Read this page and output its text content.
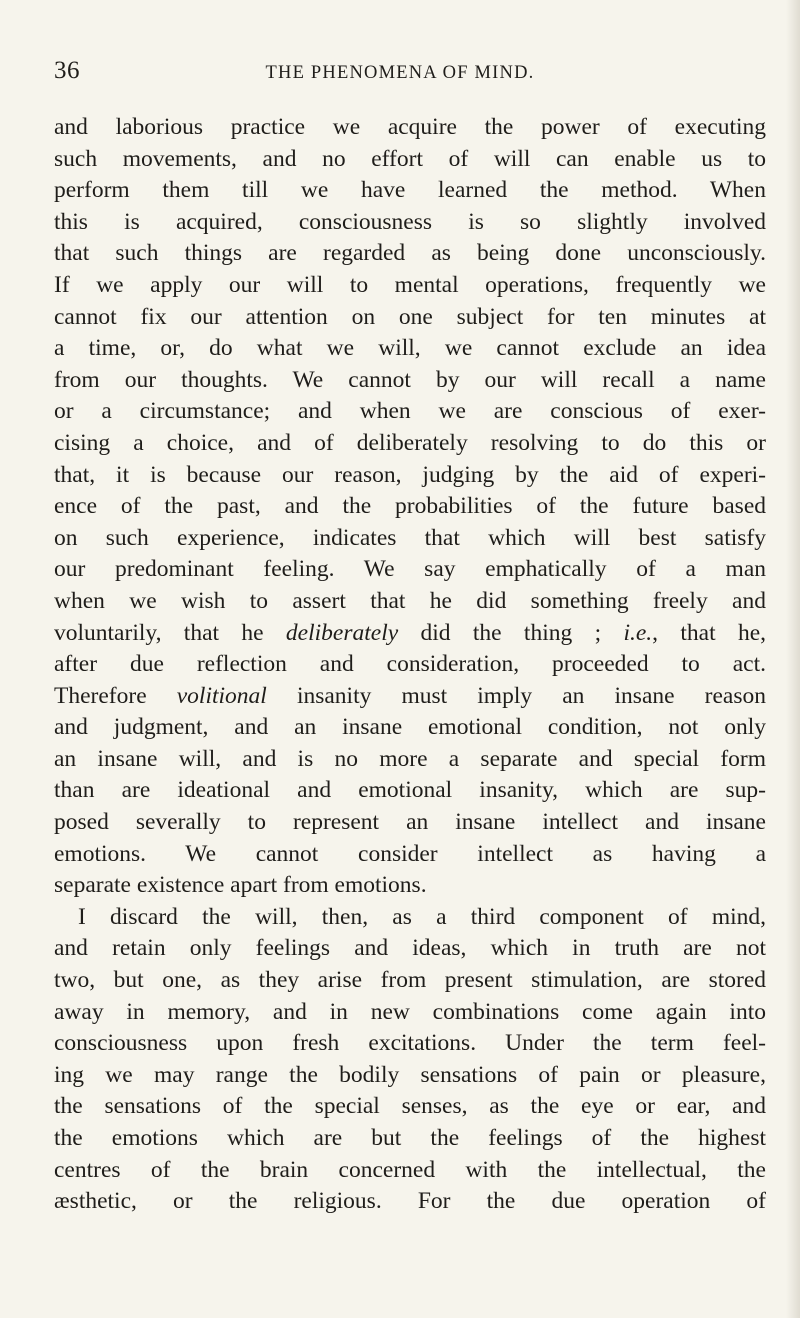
36	THE PHENOMENA OF MIND.
and laborious practice we acquire the power of executing
such movements, and no effort of will can enable us to
perform them till we have learned the method. When
this is acquired, consciousness is so slightly involved
that such things are regarded as being done unconsciously.
If we apply our will to mental operations, frequently we
cannot fix our attention on one subject for ten minutes at
a time, or, do what we will, we cannot exclude an idea
from our thoughts. We cannot by our will recall a name
or a circumstance; and when we are conscious of exer-
cising a choice, and of deliberately resolving to do this or
that, it is because our reason, judging by the aid of experi-
ence of the past, and the probabilities of the future based
on such experience, indicates that which will best satisfy
our predominant feeling. We say emphatically of a man
when we wish to assert that he did something freely and
voluntarily, that he deliberately did the thing ; i.e., that he,
after due reflection and consideration, proceeded to act.
Therefore volitional insanity must imply an insane reason
and judgment, and an insane emotional condition, not only
an insane will, and is no more a separate and special form
than are ideational and emotional insanity, which are sup-
posed severally to represent an insane intellect and insane
emotions. We cannot consider intellect as having a
separate existence apart from emotions.
I discard the will, then, as a third component of mind,
and retain only feelings and ideas, which in truth are not
two, but one, as they arise from present stimulation, are stored
away in memory, and in new combinations come again into
consciousness upon fresh excitations. Under the term feel-
ing we may range the bodily sensations of pain or pleasure,
the sensations of the special senses, as the eye or ear, and
the emotions which are but the feelings of the highest
centres of the brain concerned with the intellectual, the
æsthetic, or the religious. For the due operation of
